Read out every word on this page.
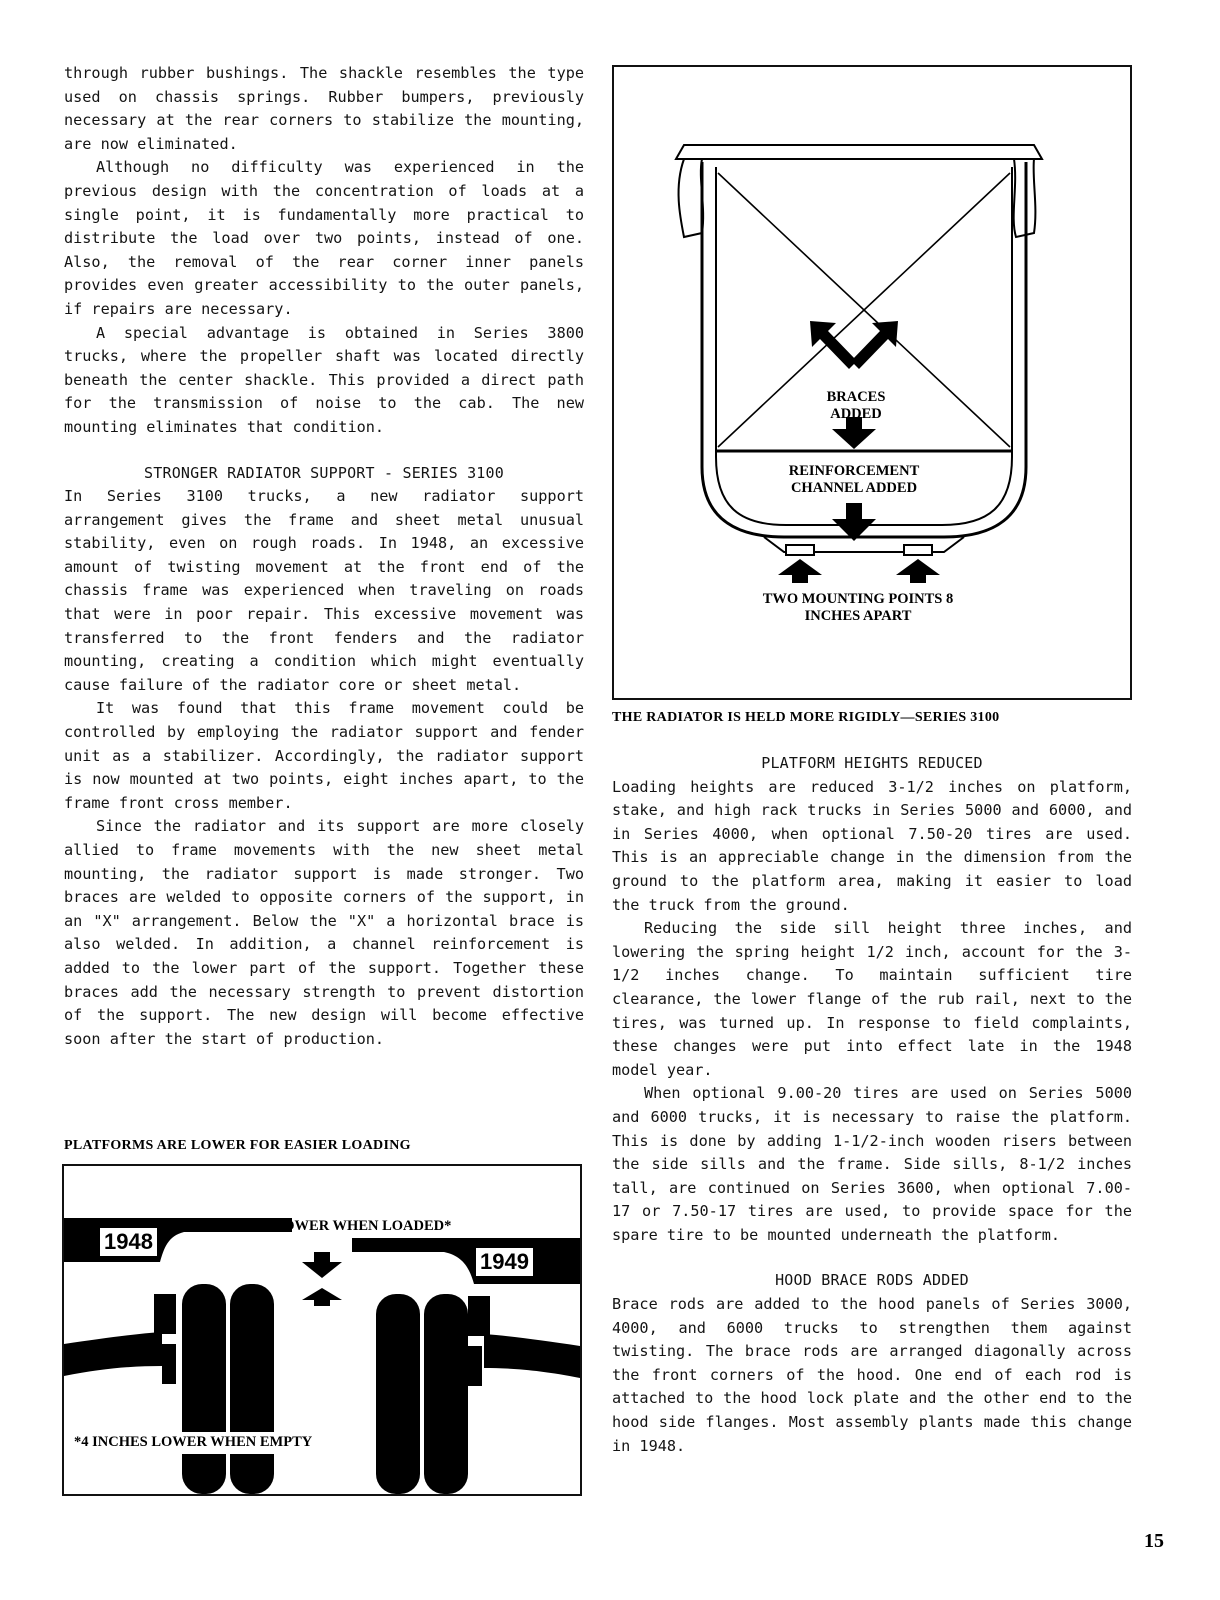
through rubber bushings. The shackle resembles the type used on chassis springs. Rubber bumpers, previously necessary at the rear corners to stabilize the mounting, are now eliminated.

Although no difficulty was experienced in the previous design with the concentration of loads at a single point, it is fundamentally more practical to distribute the load over two points, instead of one. Also, the removal of the rear corner inner panels provides even greater accessibility to the outer panels, if repairs are necessary.

A special advantage is obtained in Series 3800 trucks, where the propeller shaft was located directly beneath the center shackle. This provided a direct path for the transmission of noise to the cab. The new mounting eliminates that condition.

STRONGER RADIATOR SUPPORT - SERIES 3100

In Series 3100 trucks, a new radiator support arrangement gives the frame and sheet metal unusual stability, even on rough roads. In 1948, an excessive amount of twisting movement at the front end of the chassis frame was experienced when traveling on roads that were in poor repair. This excessive movement was transferred to the front fenders and the radiator mounting, creating a condition which might eventually cause failure of the radiator core or sheet metal.

It was found that this frame movement could be controlled by employing the radiator support and fender unit as a stabilizer. Accordingly, the radiator support is now mounted at two points, eight inches apart, to the frame front cross member.

Since the radiator and its support are more closely allied to frame movements with the new sheet metal mounting, the radiator support is made stronger. Two braces are welded to opposite corners of the support, in an "X" arrangement. Below the "X" a horizontal brace is also welded. In addition, a channel reinforcement is added to the lower part of the support. Together these braces add the necessary strength to prevent distortion of the support. The new design will become effective soon after the start of production.

BRACES ADDED
REINFORCEMENT CHANNEL ADDED
TWO MOUNTING POINTS 8 INCHES APART
THE RADIATOR IS HELD MORE RIGIDLY—SERIES 3100
PLATFORM HEIGHTS REDUCED

Loading heights are reduced 3-1/2 inches on platform, stake, and high rack trucks in Series 5000 and 6000, and in Series 4000, when optional 7.50-20 tires are used. This is an appreciable change in the dimension from the ground to the platform area, making it easier to load the truck from the ground.

Reducing the side sill height three inches, and lowering the spring height 1/2 inch, account for the 3-1/2 inches change. To maintain sufficient tire clearance, the lower flange of the rub rail, next to the tires, was turned up. In response to field complaints, these changes were put into effect late in the 1948 model year.

When optional 9.00-20 tires are used on Series 5000 and 6000 trucks, it is necessary to raise the platform. This is done by adding 1-1/2-inch wooden risers between the side sills and the frame. Side sills, 8-1/2 inches tall, are continued on Series 3600, when optional 7.00-17 or 7.50-17 tires are used, to provide space for the spare tire to be mounted underneath the platform.

HOOD BRACE RODS ADDED

Brace rods are added to the hood panels of Series 3000, 4000, and 6000 trucks to strengthen them against twisting. The brace rods are arranged diagonally across the front corners of the hood. One end of each rod is attached to the hood lock plate and the other end to the hood side flanges. Most assembly plants made this change in 1948.

PLATFORMS ARE LOWER FOR EASIER LOADING
3½ INCHES LOWER WHEN LOADED*
1948
1949
*4 INCHES LOWER WHEN EMPTY
15
